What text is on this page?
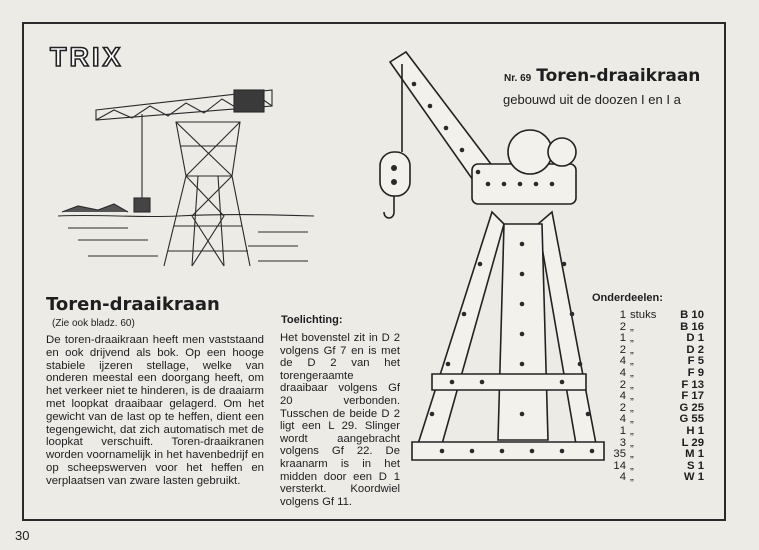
TRIX
Nr. 69 Toren-draaikraan
gebouwd uit de doozen I en I a
Toren-draaikraan
(Zie ook bladz. 60)
De toren-draaikraan heeft men vaststaand en ook drijvend als bok. Op een hooge stabiele ijzeren stellage, welke van onderen meestal een doorgang heeft, om het verkeer niet te hinderen, is de draaiarm met loopkat draaibaar gelagerd. Om het gewicht van de last op te heffen, dient een tegengewicht, dat zich automatisch met de loopkat verschuift. Toren-draaikranen worden voornamelijk in het havenbedrijf en op scheepswerven voor het heffen en verplaatsen van zware lasten gebruikt.
Toelichting:
Het bovenstel zit in D 2 volgens Gf 7 en is met de D 2 van het torengeraamte draaibaar volgens Gf 20 verbonden. Tusschen de beide D 2 ligt een L 29. Slinger wordt aangebracht volgens Gf 22. De kraanarm is in het midden door een D 1 versterkt. Koordwiel volgens Gf 11.
Onderdeelen:
1	stuks	B 10
2	„	B 16
1	„	D 1
2	„	D 2
4	„	F 5
4	„	F 9
2	„	F 13
4	„	F 17
2	„	G 25
4	„	G 55
1	„	H 1
3	„	L 29
35	„	M 1
14	„	S 1
4	„	W 1
30
